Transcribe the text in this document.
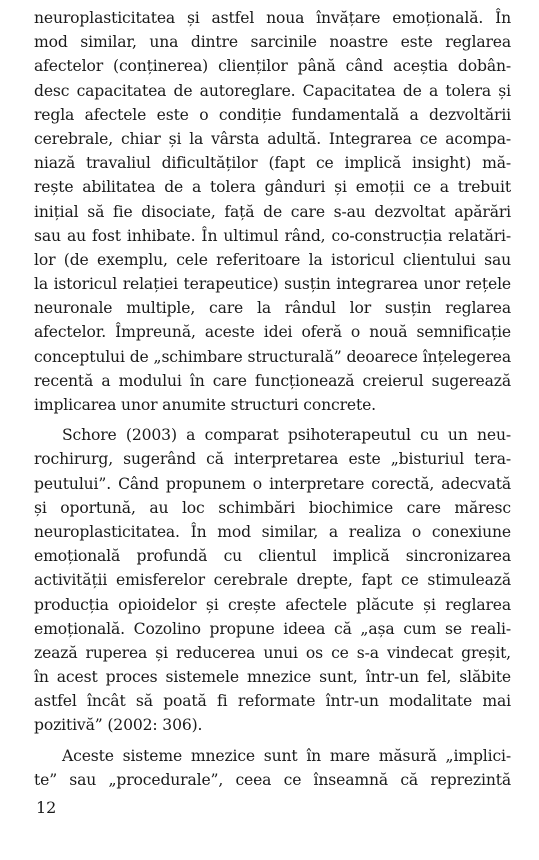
neuroplasticitatea și astfel noua învățare emoțională. În
mod similar, una dintre sarcinile noastre este reglarea
afectelor (conținerea) clienților până când aceștia dobân-
desc capacitatea de autoreglare. Capacitatea de a tolera și
regla afectele este o condiție fundamentală a dezvoltării
cerebrale, chiar și la vârsta adultă. Integrarea ce acompa-
niază travaliul dificultăților (fapt ce implică insight) mă-
rește abilitatea de a tolera gânduri și emoții ce a trebuit
inițial să fie disociate, față de care s-au dezvoltat apărări
sau au fost inhibate. În ultimul rând, co-construcția relatări-
lor (de exemplu, cele referitoare la istoricul clientului sau
la istoricul relației terapeutice) susțin integrarea unor rețele
neuronale multiple, care la rândul lor susțin reglarea
afectelor. Împreună, aceste idei oferă o nouă semnificație
conceptului de „schimbare structurală” deoarece înțelegerea
recentă a modului în care funcționează creierul sugerează
implicarea unor anumite structuri concrete.
Schore (2003) a comparat psihoterapeutul cu un neu-
rochirurg, sugerând că interpretarea este „bisturiul tera-
peutului”. Când propunem o interpretare corectă, adecvată
și oportună, au loc schimbări biochimice care măresc
neuroplasticitatea. În mod similar, a realiza o conexiune
emoțională profundă cu clientul implică sincronizarea
activității emisferelor cerebrale drepte, fapt ce stimulează
producția opioidelor și crește afectele plăcute și reglarea
emoțională. Cozolino propune ideea că „așa cum se reali-
zează ruperea și reducerea unui os ce s-a vindecat greșit,
în acest proces sistemele mnezice sunt, într-un fel, slăbite
astfel încât să poată fi reformate într-un modalitate mai
pozitivă” (2002: 306).
Aceste sisteme mnezice sunt în mare măsură „implici-
te” sau „procedurale”, ceea ce înseamnă că reprezintă
12
